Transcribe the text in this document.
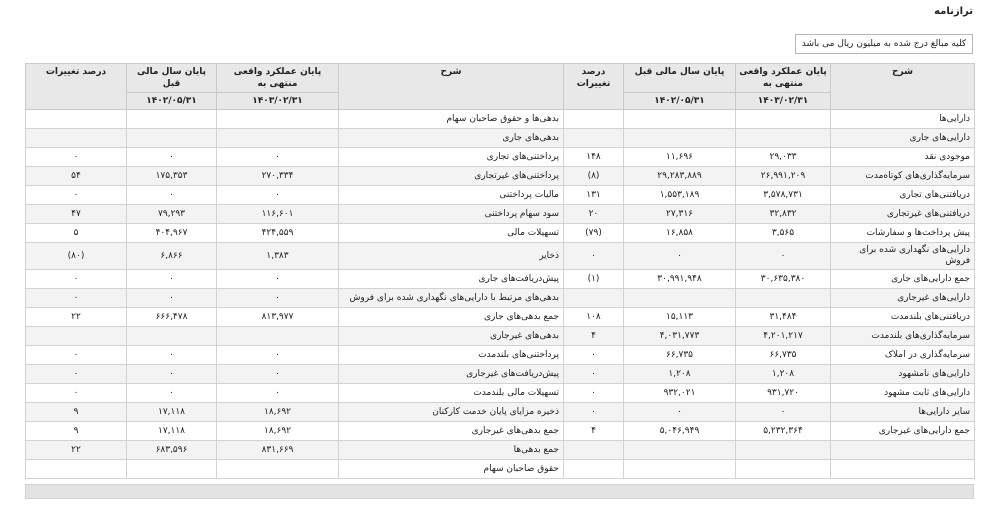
ترازنامه
کلیه مبالغ درج شده به میلیون ریال می باشد
شرح	پایان عملکرد واقعی منتهی به	پایان سال مالی قبل	درصد تغییرات	شرح	پایان عملکرد واقعی منتهی به	پایان سال مالی قبل	درصد تغییرات
	۱۴۰۳/۰۲/۳۱	۱۴۰۲/۰۵/۳۱			۱۴۰۳/۰۲/۳۱	۱۴۰۲/۰۵/۳۱	
دارایی‌ها				بدهی‌ها و حقوق صاحبان سهام			
دارایی‌های جاری				بدهی‌های جاری			
موجودی نقد	۲۹,۰۳۳	۱۱,۶۹۶	۱۴۸	پرداختنی‌های تجاری	۰	۰	۰
سرمایه‌گذاری‌های کوتاه‌مدت	۲۶,۹۹۱,۲۰۹	۲۹,۲۸۳,۸۸۹	(۸)	پرداختنی‌های غیرتجاری	۲۷۰,۳۳۴	۱۷۵,۳۵۳	۵۴
دریافتنی‌های تجاری	۳,۵۷۸,۷۳۱	۱,۵۵۳,۱۸۹	۱۳۱	مالیات پرداختنی	۰	۰	۰
دریافتنی‌های غیرتجاری	۳۲,۸۳۲	۲۷,۳۱۶	۲۰	سود سهام پرداختنی	۱۱۶,۶۰۱	۷۹,۲۹۳	۴۷
پیش پرداخت‌ها و سفارشات	۳,۵۶۵	۱۶,۸۵۸	(۷۹)	تسهیلات مالی	۴۲۴,۵۵۹	۴۰۴,۹۶۷	۵
دارایی‌های نگهداری شده برای فروش	۰	۰	۰	ذخایر	۱,۳۸۳	۶,۸۶۶	(۸۰)
جمع دارایی‌های جاری	۳۰,۶۳۵,۳۸۰	۳۰,۹۹۱,۹۴۸	(۱)	پیش‌دریافت‌های جاری	۰	۰	۰
دارایی‌های غیرجاری				بدهی‌های مرتبط با دارایی‌های نگهداری شده برای فروش	۰	۰	۰
دریافتنی‌های بلندمدت	۳۱,۴۸۴	۱۵,۱۱۳	۱۰۸	جمع بدهی‌های جاری	۸۱۳,۹۷۷	۶۶۶,۴۷۸	۲۲
سرمایه‌گذاری‌های بلندمدت	۴,۲۰۱,۲۱۷	۴,۰۳۱,۷۷۳	۴	بدهی‌های غیرجاری			
سرمایه‌گذاری در املاک	۶۶,۷۳۵	۶۶,۷۳۵	۰	پرداختنی‌های بلندمدت	۰	۰	۰
دارایی‌های نامشهود	۱,۲۰۸	۱,۲۰۸	۰	پیش‌دریافت‌های غیرجاری	۰	۰	۰
دارایی‌های ثابت مشهود	۹۳۱,۷۲۰	۹۳۲,۰۲۱	۰	تسهیلات مالی بلندمدت	۰	۰	۰
سایر دارایی‌ها	۰	۰	۰	ذخیره مزایای پایان خدمت کارکنان	۱۸,۶۹۲	۱۷,۱۱۸	۹
جمع دارایی‌های غیرجاری	۵,۲۳۲,۳۶۴	۵,۰۴۶,۹۴۹	۴	جمع بدهی‌های غیرجاری	۱۸,۶۹۲	۱۷,۱۱۸	۹
				جمع بدهی‌ها	۸۳۱,۶۶۹	۶۸۳,۵۹۶	۲۲
				حقوق صاحبان سهام			
